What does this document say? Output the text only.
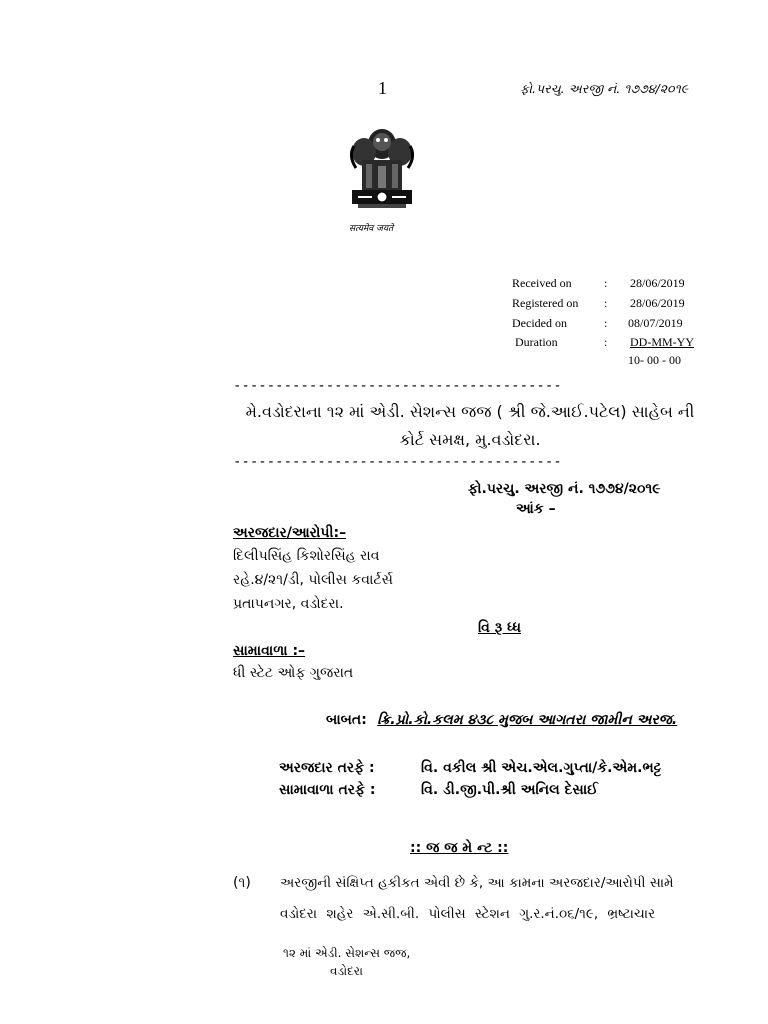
1	ફો.પરચુ. અરજી નં. ૧૭૭૪/૨૦૧૯
सत्यमेव जयते
Received on	: 28/06/2019
Registered on : 28/06/2019
Decided on	: 08/07/2019
Duration	: DD-MM-YY
10- 00 - 00
---------------------------------------
મે.વડોદરાના ૧૨ માં એડી. સેશન્સ જજ ( શ્રી જે.આઈ.પટેલ) સાહેબ ની
કોર્ટ સમક્ષ, મુ.વડોદરા.
---------------------------------------
ફો.પરચુ. અરજી નં. ૧૭૭૪/૨૦૧૯
આંક –
અરજદાર/આરોપી:–
દિલીપસિંહ કિશોરસિંહ રાવ
રહે.૪/૨૧/ડી, પોલીસ કવાર્ટર્સ
પ્રતાપનગર, વડોદરા.
વિ રૂ ધ્ધ
સામાવાળા :–
ધી સ્ટેટ ઓફ ગુજરાત
બાબત: ક્રિ.પ્રો.કો.કલમ ૪૩૮ મુજબ આગતરા જામીન અરજ.
અરજદાર તરફે :	વિ. વકીલ શ્રી એચ.એલ.ગુપ્તા/કે.એમ.ભટ્ટ
સામાવાળા તરફે :	વિ. ડી.જી.પી.શ્રી અનિલ દેસાઈ
:: જ જ મે ન્ટ ::
(૧) અરજીની સંક્ષિપ્ત હકીકત એવી છે કે, આ કામના અરજદાર/આરોપી સામે
વડોદરા શહેર એ.સી.બી. પોલીસ સ્ટેશન ગુ.ર.નં.૦૬/૧૯, ભ્રષ્ટાચાર
૧૨ માં એડી. સેશન્સ જજ,
વડોદરા
